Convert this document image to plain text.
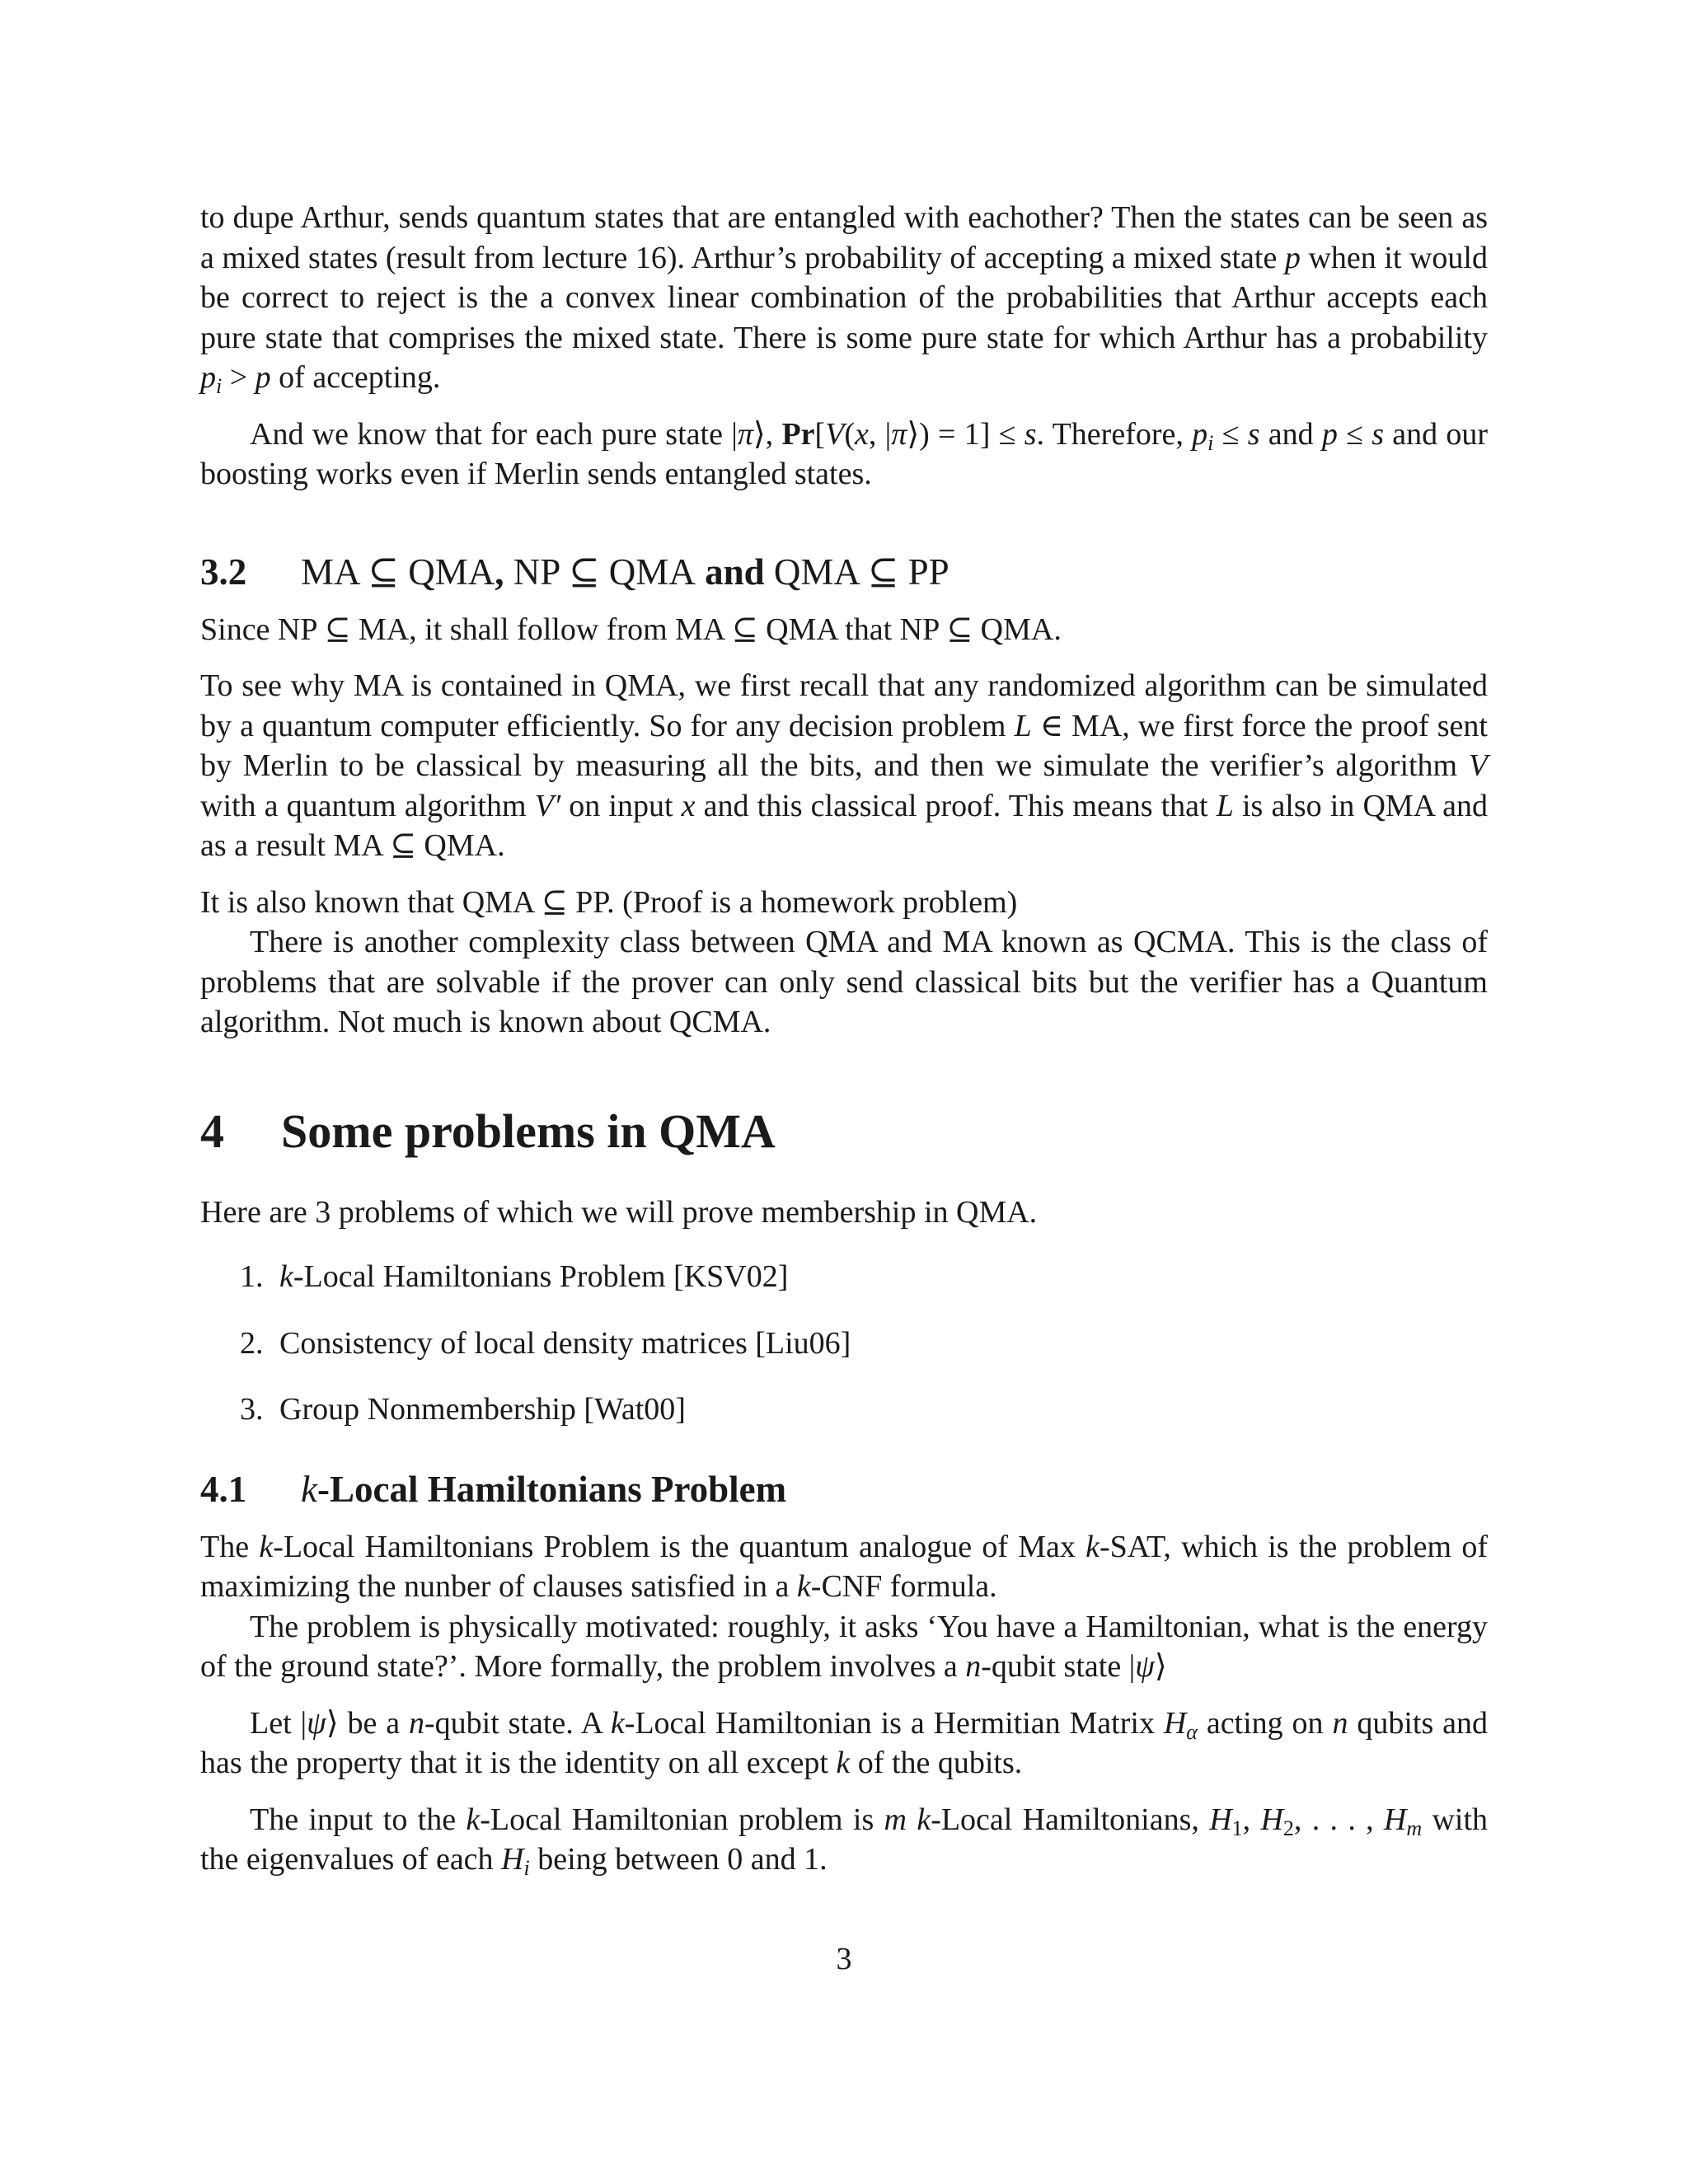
to dupe Arthur, sends quantum states that are entangled with eachother? Then the states can be seen as a mixed states (result from lecture 16). Arthur’s probability of accepting a mixed state p when it would be correct to reject is the a convex linear combination of the probabilities that Arthur accepts each pure state that comprises the mixed state. There is some pure state for which Arthur has a probability $p_i > p$ of accepting.

And we know that for each pure state |π⟩, Pr[V(x, |π⟩) = 1] ≤ s. Therefore, $p_i \le s$ and p ≤ s and our boosting works even if Merlin sends entangled states.

3.2 MA ⊆ QMA, NP ⊆ QMA and QMA ⊆ PP

Since NP ⊆ MA, it shall follow from MA ⊆ QMA that NP ⊆ QMA.

To see why MA is contained in QMA, we first recall that any randomized algorithm can be simulated by a quantum computer efficiently. So for any decision problem L ∈ MA, we first force the proof sent by Merlin to be classical by measuring all the bits, and then we simulate the verifier’s algorithm V with a quantum algorithm V′ on input x and this classical proof. This means that L is also in QMA and as a result MA ⊆ QMA.

It is also known that QMA ⊆ PP. (Proof is a homework problem)

There is another complexity class between QMA and MA known as QCMA. This is the class of problems that are solvable if the prover can only send classical bits but the verifier has a Quantum algorithm. Not much is known about QCMA.

4 Some problems in QMA

Here are 3 problems of which we will prove membership in QMA.

1. k-Local Hamiltonians Problem [KSV02]
2. Consistency of local density matrices [Liu06]
3. Group Nonmembership [Wat00]
4.1 k-Local Hamiltonians Problem

The k-Local Hamiltonians Problem is the quantum analogue of Max k-SAT, which is the problem of maximizing the nunber of clauses satisfied in a k-CNF formula.

The problem is physically motivated: roughly, it asks ‘You have a Hamiltonian, what is the energy of the ground state?’. More formally, the problem involves a n-qubit state |ψ⟩

Let |ψ⟩ be a n-qubit state. A k-Local Hamiltonian is a Hermitian Matrix $H_\alpha$ acting on n qubits and has the property that it is the identity on all except k of the qubits.

The input to the k-Local Hamiltonian problem is m k-Local Hamiltonians, $H_1$, $H_2$, . . . , $H_m$ with the eigenvalues of each $H_i$ being between 0 and 1.

3
